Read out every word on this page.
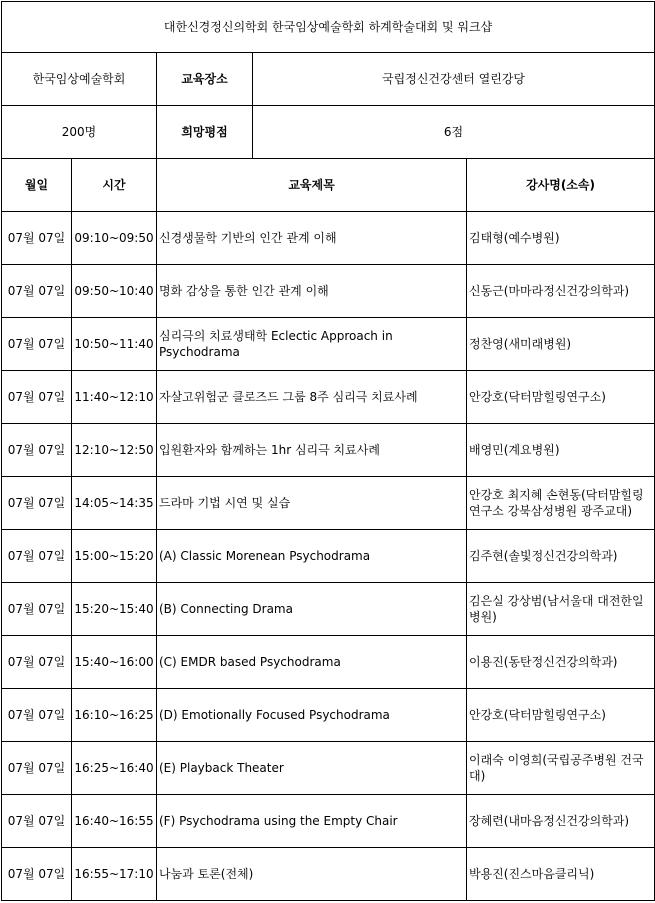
대한신경정신의학회 한국임상예술학회 하계학술대회 및 워크샵				
한국임상예술학회		교육장소	국립정신건강센터 열린강당	
200명		희망평점	6점	
월일	시간	교육제목		강사명(소속)
07월 07일	09:10~09:50	신경생물학 기반의 인간 관계 이해		김태형(예수병원)
07월 07일	09:50~10:40	명화 감상을 통한 인간 관계 이해		신동근(마마라정신건강의학과)
07월 07일	10:50~11:40	심리극의 치료생태학 Eclectic Approach in Psychodrama		정찬영(새미래병원)
07월 07일	11:40~12:10	자살고위험군 클로즈드 그룹 8주 심리극 치료사례		안강호(닥터맘힐링연구소)
07월 07일	12:10~12:50	입원환자와 함께하는 1hr 심리극 치료사례		배영민(계요병원)
07월 07일	14:05~14:35	드라마 기법 시연 및 실습		안강호 최지혜 손현동(닥터맘힐링연구소 강북삼성병원 광주교대)
07월 07일	15:00~15:20	(A) Classic Morenean Psychodrama		김주현(솔빛정신건강의학과)
07월 07일	15:20~15:40	(B) Connecting Drama		김은실 강상범(남서울대 대전한일병원)
07월 07일	15:40~16:00	(C) EMDR based Psychodrama		이용진(동탄정신건강의학과)
07월 07일	16:10~16:25	(D) Emotionally Focused Psychodrama		안강호(닥터맘힐링연구소)
07월 07일	16:25~16:40	(E) Playback Theater		이래숙 이영희(국립공주병원 건국대)
07월 07일	16:40~16:55	(F) Psychodrama using the Empty Chair		장혜련(내마음정신건강의학과)
07월 07일	16:55~17:10	나눔과 토론(전체)		박용진(진스마음클리닉)
